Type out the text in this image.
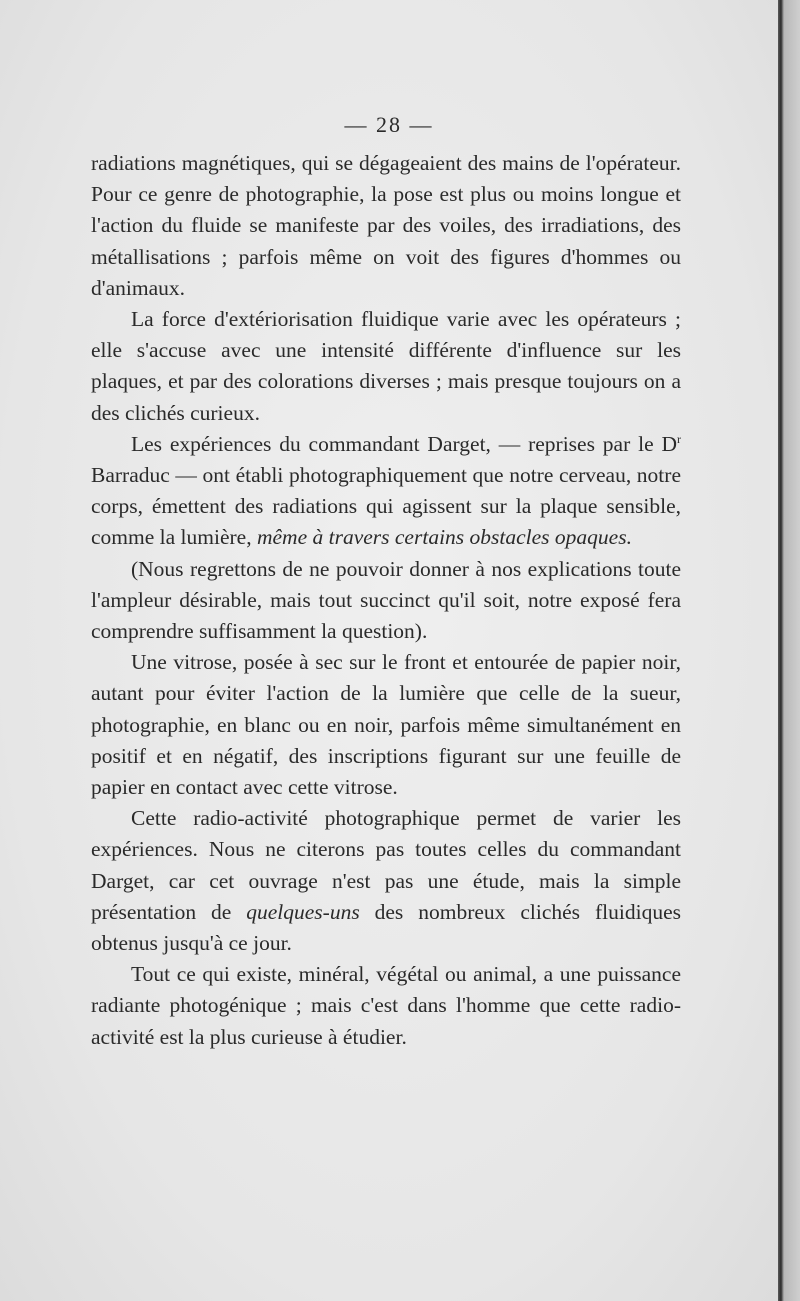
— 28 —

radiations magnétiques, qui se dégageaient des mains de l'opérateur. Pour ce genre de photographie, la pose est plus ou moins longue et l'action du fluide se manifeste par des voiles, des irradiations, des métallisations ; parfois même on voit des figures d'hommes ou d'animaux.

La force d'extériorisation fluidique varie avec les opérateurs ; elle s'accuse avec une intensité différente d'influence sur les plaques, et par des colorations diverses ; mais presque toujours on a des clichés curieux.

Les expériences du commandant Darget, — reprises par le $D^r$ Barraduc — ont établi photographiquement que notre cerveau, notre corps, émettent des radiations qui agissent sur la plaque sensible, comme la lumière, même à travers certains obstacles opaques.

(Nous regrettons de ne pouvoir donner à nos explications toute l'ampleur désirable, mais tout succinct qu'il soit, notre exposé fera comprendre suffisamment la question).

Une vitrose, posée à sec sur le front et entourée de papier noir, autant pour éviter l'action de la lumière que celle de la sueur, photographie, en blanc ou en noir, parfois même simultanément en positif et en négatif, des inscriptions figurant sur une feuille de papier en contact avec cette vitrose.

Cette radio-activité photographique permet de varier les expériences. Nous ne citerons pas toutes celles du commandant Darget, car cet ouvrage n'est pas une étude, mais la simple présentation de quelques-uns des nombreux clichés fluidiques obtenus jusqu'à ce jour.

Tout ce qui existe, minéral, végétal ou animal, a une puissance radiante photogénique ; mais c'est dans l'homme que cette radio-activité est la plus curieuse à étudier.
